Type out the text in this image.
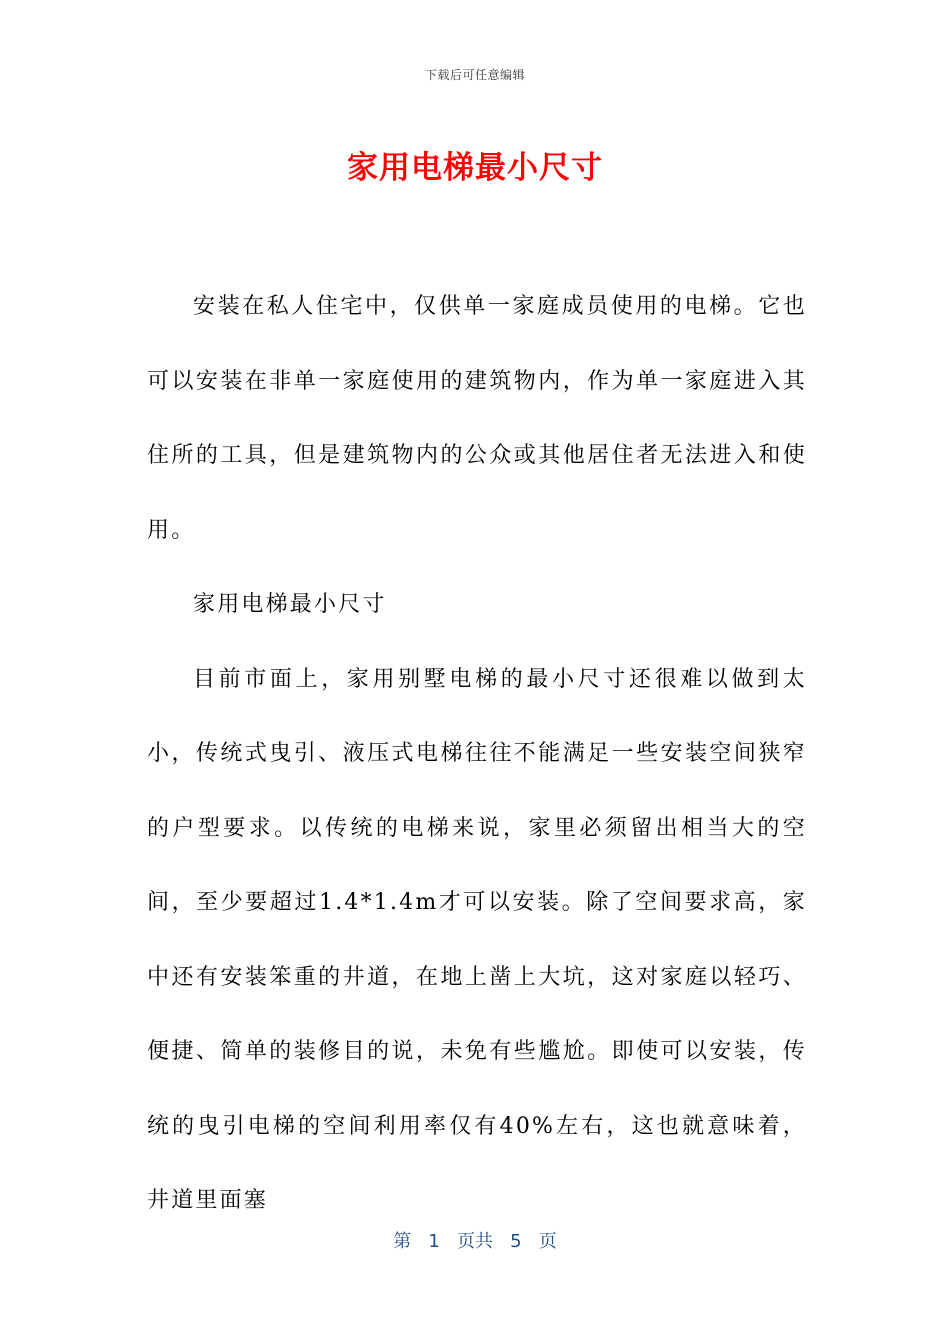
下载后可任意编辑
家用电梯最小尺寸

安装在私人住宅中，仅供单一家庭成员使用的电梯。它也可以安装在非单一家庭使用的建筑物内，作为单一家庭进入其住所的工具，但是建筑物内的公众或其他居住者无法进入和使用。

家用电梯最小尺寸

目前市面上，家用别墅电梯的最小尺寸还很难以做到太小，传统式曳引、液压式电梯往往不能满足一些安装空间狭窄的户型要求。以传统的电梯来说，家里必须留出相当大的空间，至少要超过1.4*1.4m才可以安装。除了空间要求高，家中还有安装笨重的井道，在地上凿上大坑，这对家庭以轻巧、便捷、简单的装修目的说，未免有些尴尬。即使可以安装，传统的曳引电梯的空间利用率仅有40%左右，这也就意味着，井道里面塞

第 1 页共 5 页
